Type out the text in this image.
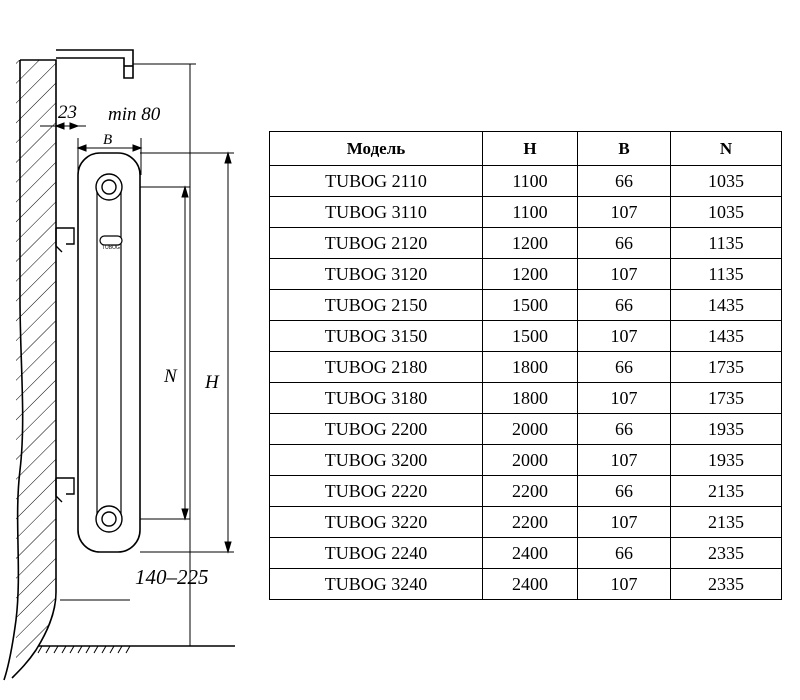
TUBOG
23 min 80
B
N H
140–225
Модель	H	B	N
TUBOG 2110	1100	66	1035
TUBOG 3110	1100	107	1035
TUBOG 2120	1200	66	1135
TUBOG 3120	1200	107	1135
TUBOG 2150	1500	66	1435
TUBOG 3150	1500	107	1435
TUBOG 2180	1800	66	1735
TUBOG 3180	1800	107	1735
TUBOG 2200	2000	66	1935
TUBOG 3200	2000	107	1935
TUBOG 2220	2200	66	2135
TUBOG 3220	2200	107	2135
TUBOG 2240	2400	66	2335
TUBOG 3240	2400	107	2335
